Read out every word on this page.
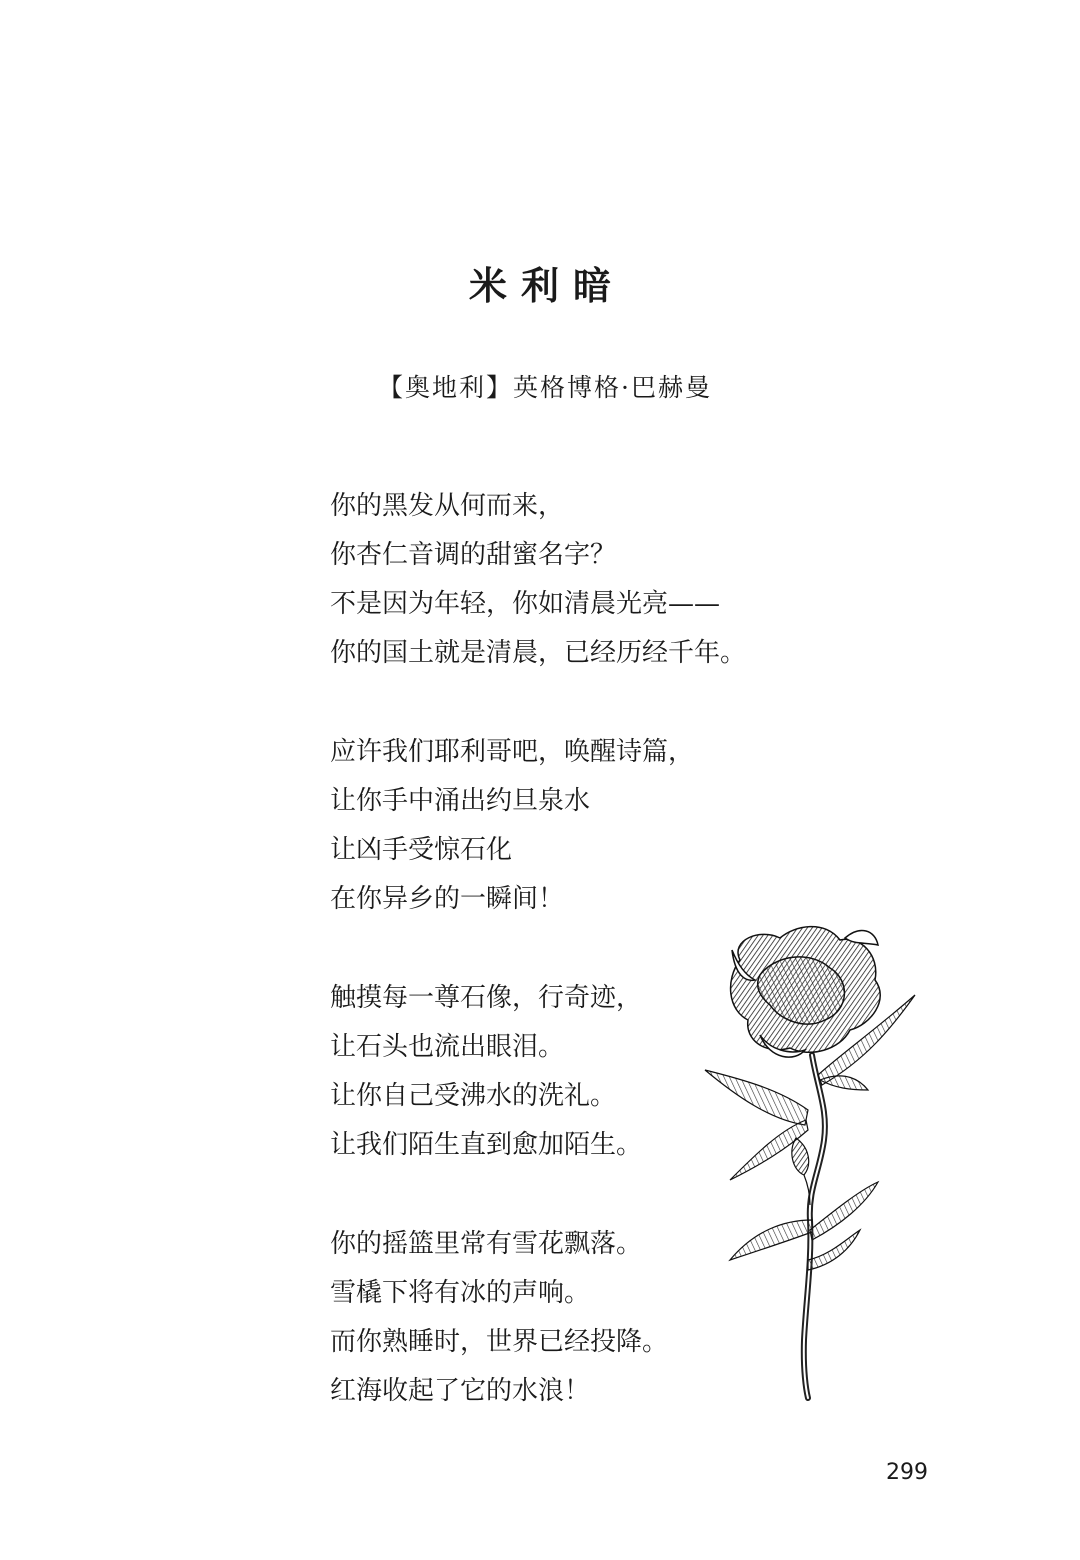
米利暗
【奥地利】英格博格·巴赫曼
你的黑发从何而来，
你杏仁音调的甜蜜名字？
不是因为年轻，你如清晨光亮——
你的国土就是清晨，已经历经千年。
应许我们耶利哥吧，唤醒诗篇，
让你手中涌出约旦泉水
让凶手受惊石化
在你异乡的一瞬间！
触摸每一尊石像，行奇迹，
让石头也流出眼泪。
让你自己受沸水的洗礼。
让我们陌生直到愈加陌生。
你的摇篮里常有雪花飘落。
雪橇下将有冰的声响。
而你熟睡时，世界已经投降。
红海收起了它的水浪！
299
